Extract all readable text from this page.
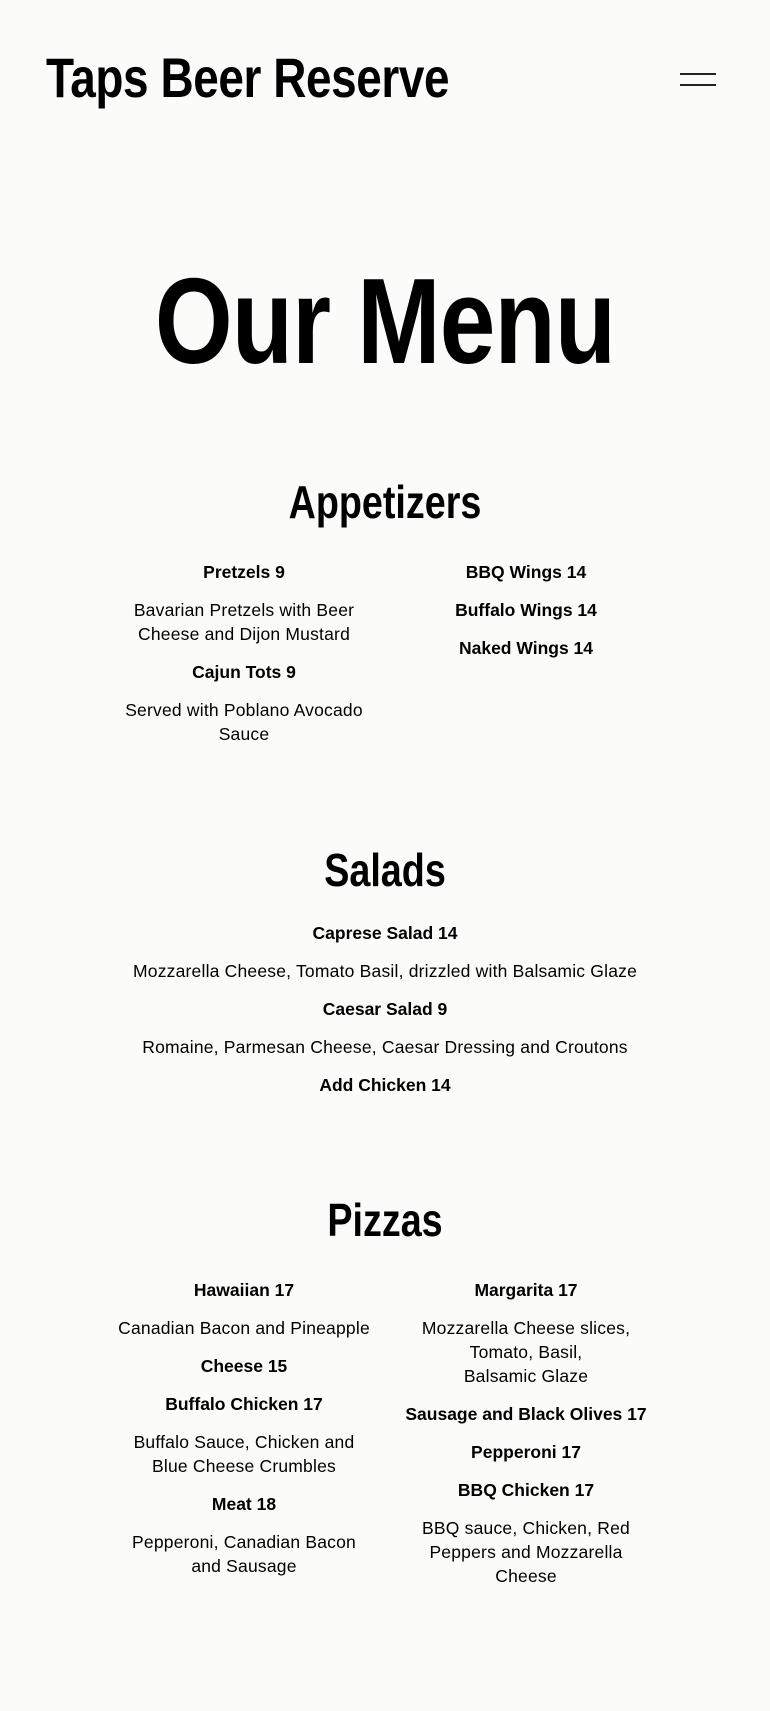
Taps Beer Reserve
Our Menu
Appetizers
Pretzels 9
Bavarian Pretzels with Beer
Cheese and Dijon Mustard
Cajun Tots 9
Served with Poblano Avocado
Sauce
BBQ Wings 14
Buffalo Wings 14
Naked Wings 14
Salads
Caprese Salad 14
Mozzarella Cheese, Tomato Basil, drizzled with Balsamic Glaze
Caesar Salad 9
Romaine, Parmesan Cheese, Caesar Dressing and Croutons
Add Chicken 14
Pizzas
Hawaiian 17
Canadian Bacon and Pineapple
Cheese 15
Buffalo Chicken 17
Buffalo Sauce, Chicken and
Blue Cheese Crumbles
Meat 18
Pepperoni, Canadian Bacon
and Sausage
Margarita 17
Mozzarella Cheese slices,
Tomato, Basil,
Balsamic Glaze
Sausage and Black Olives 17
Pepperoni 17
BBQ Chicken 17
BBQ sauce, Chicken, Red
Peppers and Mozzarella
Cheese
